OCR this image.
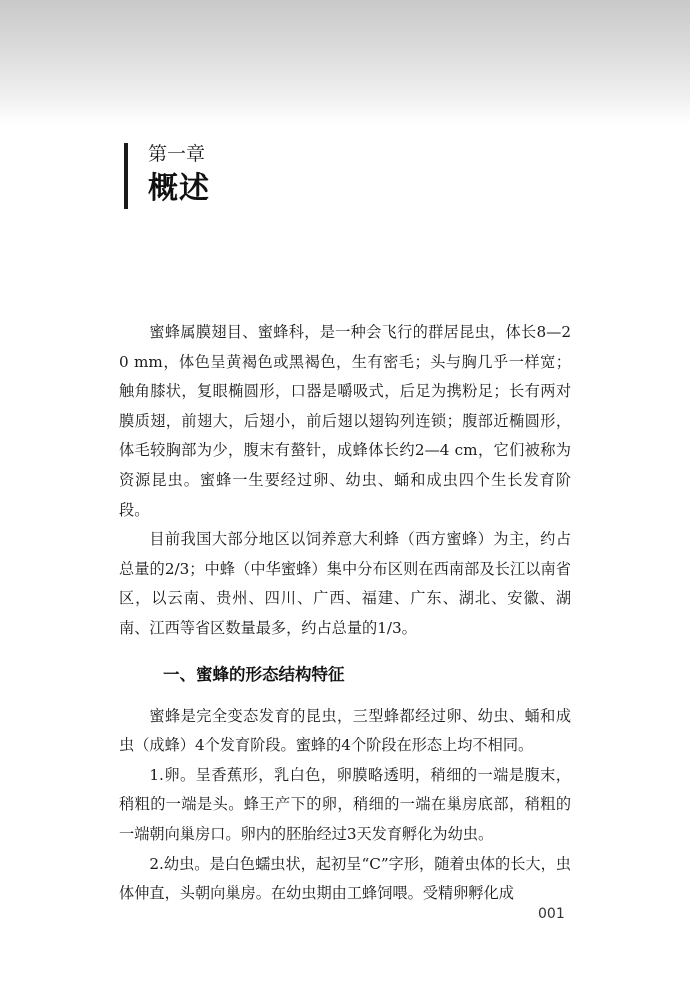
第一章
概述

蜜蜂属膜翅目、蜜蜂科，是一种会飞行的群居昆虫，体长8—20 mm，体色呈黄褐色或黑褐色，生有密毛；头与胸几乎一样宽；触角膝状，复眼椭圆形，口器是嚼吸式，后足为携粉足；长有两对膜质翅，前翅大，后翅小，前后翅以翅钩列连锁；腹部近椭圆形，体毛较胸部为少，腹末有螯针，成蜂体长约2—4 cm，它们被称为资源昆虫。蜜蜂一生要经过卵、幼虫、蛹和成虫四个生长发育阶段。

目前我国大部分地区以饲养意大利蜂（西方蜜蜂）为主，约占总量的2/3；中蜂（中华蜜蜂）集中分布区则在西南部及长江以南省区，以云南、贵州、四川、广西、福建、广东、湖北、安徽、湖南、江西等省区数量最多，约占总量的1/3。

一、蜜蜂的形态结构特征

蜜蜂是完全变态发育的昆虫，三型蜂都经过卵、幼虫、蛹和成虫（成蜂）4个发育阶段。蜜蜂的4个阶段在形态上均不相同。

1.卵。呈香蕉形，乳白色，卵膜略透明，稍细的一端是腹末，稍粗的一端是头。蜂王产下的卵，稍细的一端在巢房底部，稍粗的一端朝向巢房口。卵内的胚胎经过3天发育孵化为幼虫。

2.幼虫。是白色蠕虫状，起初呈“C”字形，随着虫体的长大，虫体伸直，头朝向巢房。在幼虫期由工蜂饲喂。受精卵孵化成

001
